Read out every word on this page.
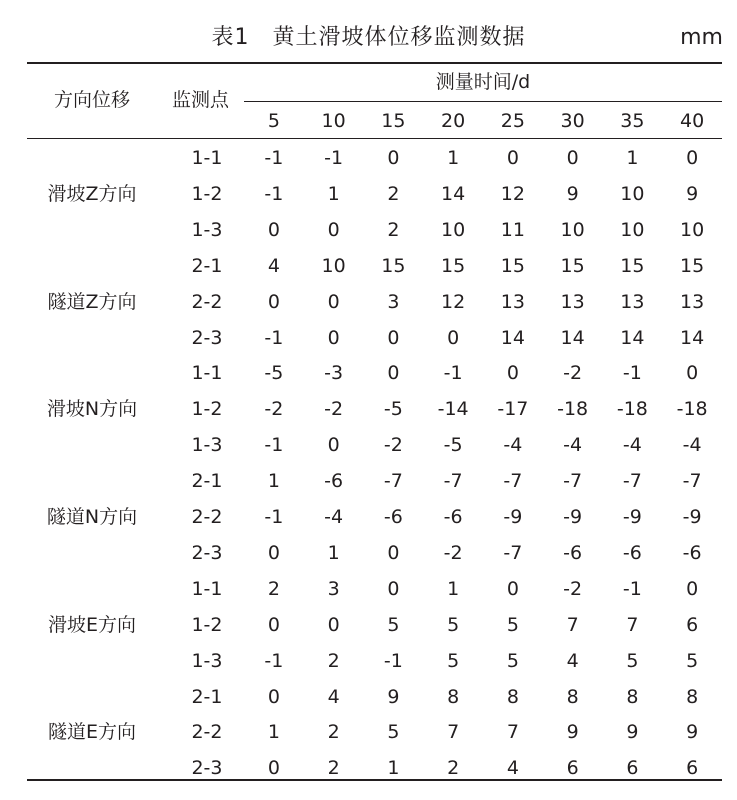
表1　黄土滑坡体位移监测数据	mm
方向位移	监测点
测量时间/d
5	10	15	20	25	30	35	40
滑坡Z方向
1-1	-1	-1	0	1	0	0	1	0
1-2	-1	1	2	14	12	9	10	9
1-3	0	0	2	10	11	10	10	10
隧道Z方向
2-1	4	10	15	15	15	15	15	15
2-2	0	0	3	12	13	13	13	13
2-3	-1	0	0	0	14	14	14	14
滑坡N方向
1-1	-5	-3	0	-1	0	-2	-1	0
1-2	-2	-2	-5	-14	-17	-18	-18	-18
1-3	-1	0	-2	-5	-4	-4	-4	-4
隧道N方向
2-1	1	-6	-7	-7	-7	-7	-7	-7
2-2	-1	-4	-6	-6	-9	-9	-9	-9
2-3	0	1	0	-2	-7	-6	-6	-6
滑坡E方向
1-1	2	3	0	1	0	-2	-1	0
1-2	0	0	5	5	5	7	7	6
1-3	-1	2	-1	5	5	4	5	5
隧道E方向
2-1	0	4	9	8	8	8	8	8
2-2	1	2	5	7	7	9	9	9
2-3	0	2	1	2	4	6	6	6
